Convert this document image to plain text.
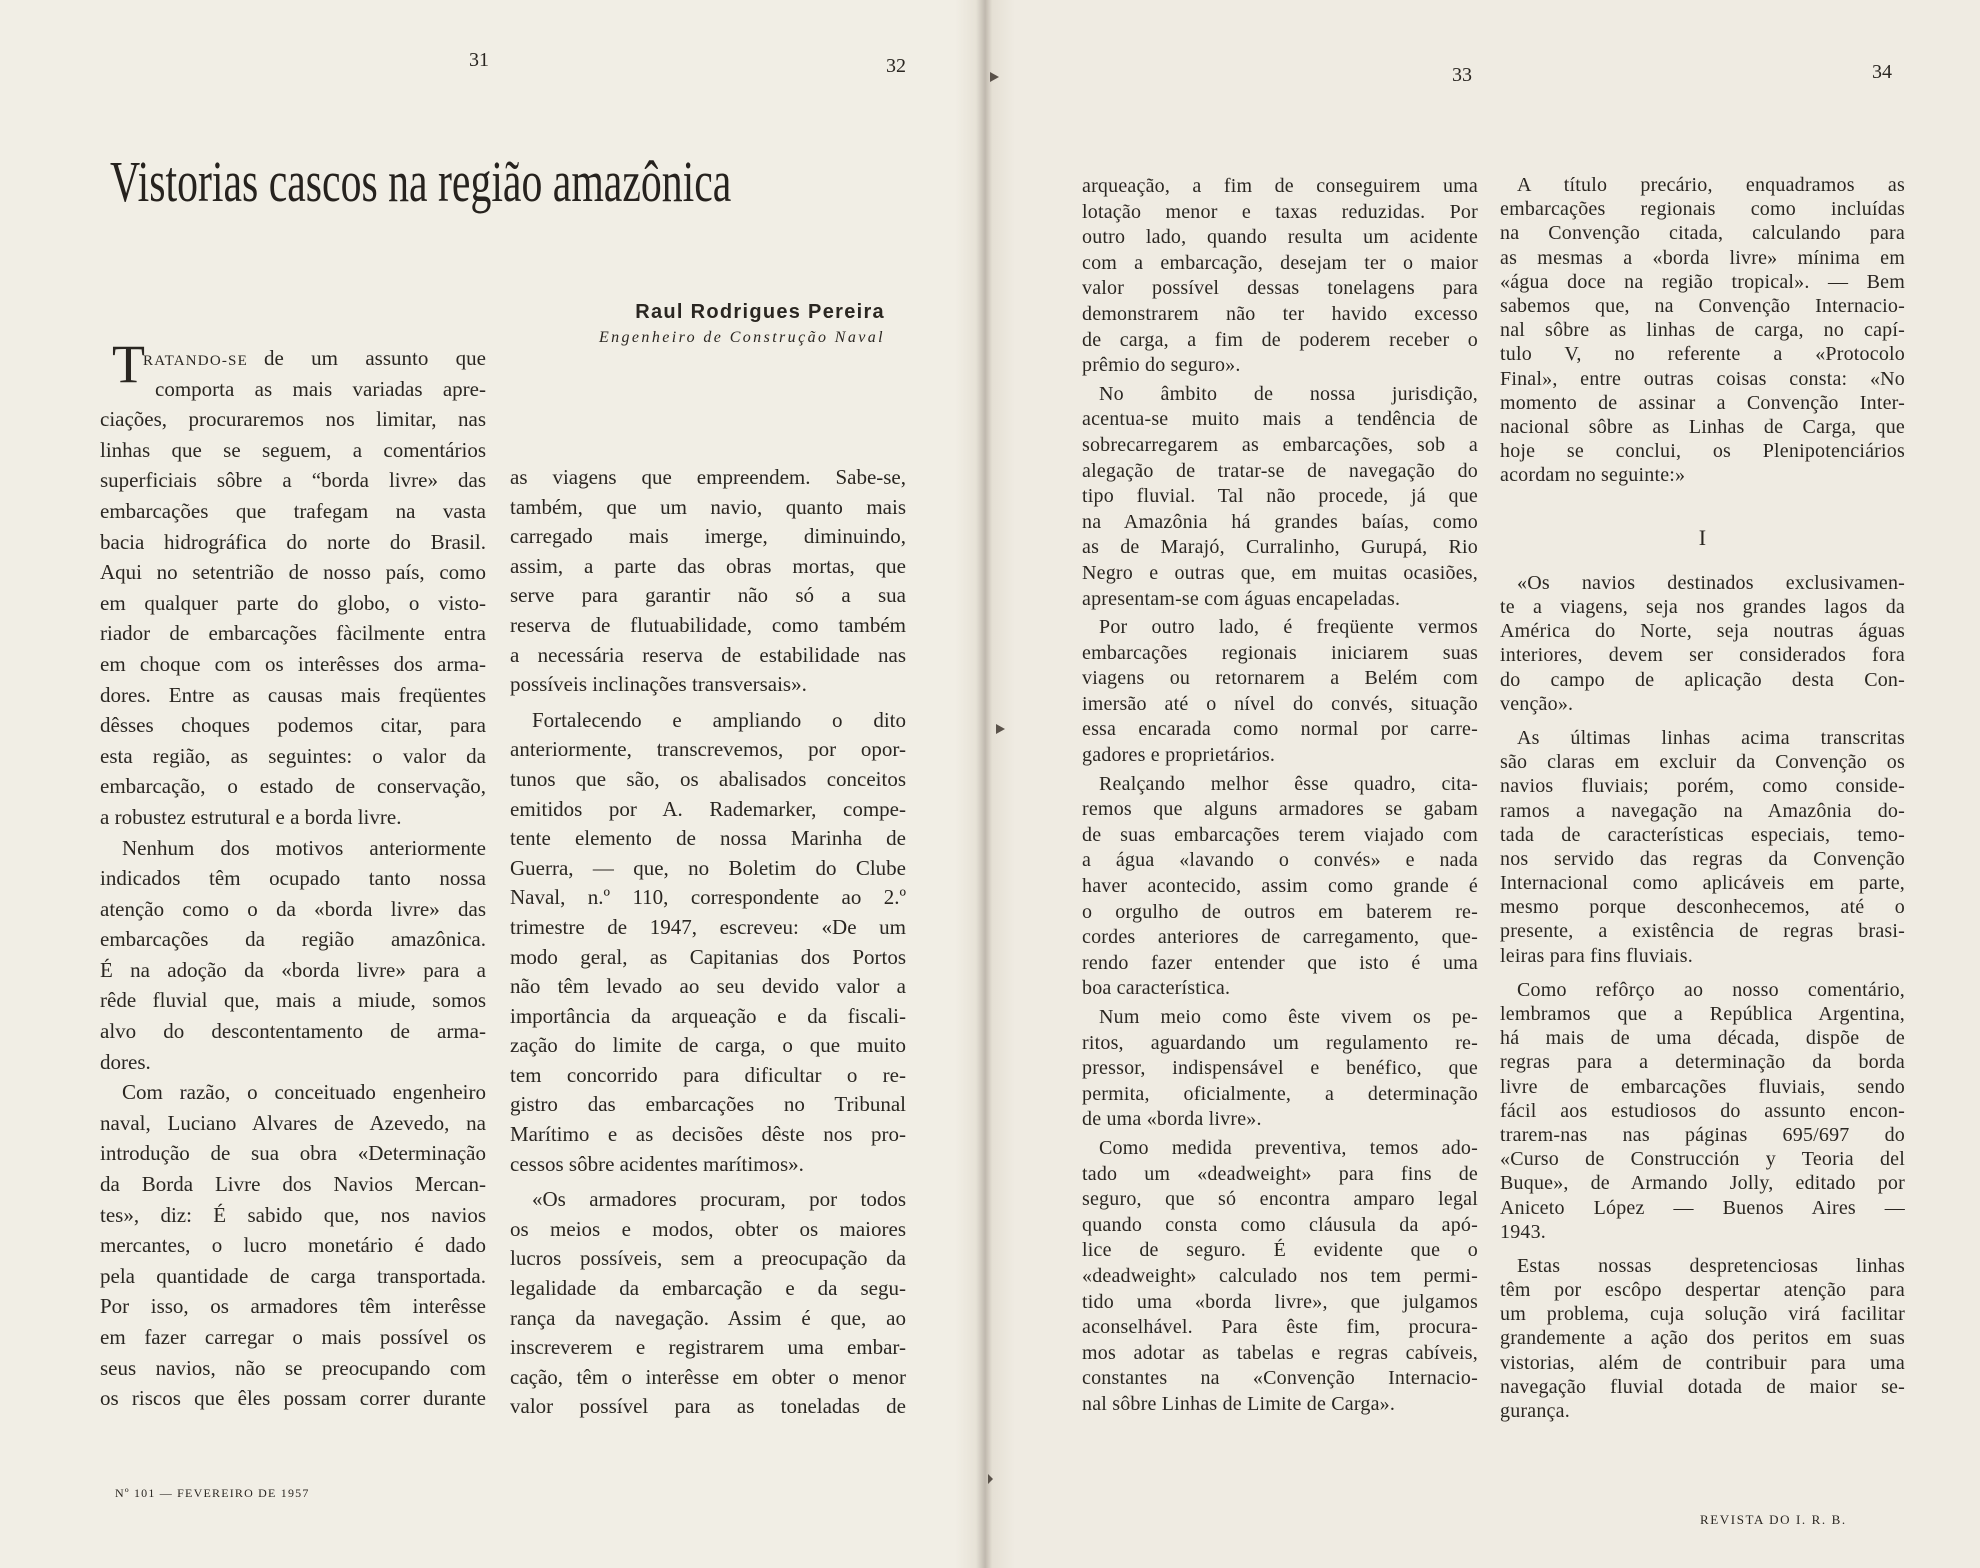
31	32	33	34
Vistorias cascos na região amazônica
Raul Rodrigues Pereira
Engenheiro de Construção Naval
T
RATANDO-SE de um assunto que
comporta as mais variadas apre-
ciações, procuraremos nos limitar, nas
linhas que se seguem, a comentários
superficiais sôbre a “borda livre» das
embarcações que trafegam na vasta
bacia hidrográfica do norte do Brasil.
Aqui no setentrião de nosso país, como
em qualquer parte do globo, o visto-
riador de embarcações fàcilmente entra
em choque com os interêsses dos arma-
dores. Entre as causas mais freqüentes
dêsses choques podemos citar, para
esta região, as seguintes: o valor da
embarcação, o estado de conservação,
a robustez estrutural e a borda livre.
Nenhum dos motivos anteriormente
indicados têm ocupado tanto nossa
atenção como o da «borda livre» das
embarcações da região amazônica.
É na adoção da «borda livre» para a
rêde fluvial que, mais a miude, somos
alvo do descontentamento de arma-
dores.
Com razão, o conceituado engenheiro
naval, Luciano Alvares de Azevedo, na
introdução de sua obra «Determinação
da Borda Livre dos Navios Mercan-
tes», diz: É sabido que, nos navios
mercantes, o lucro monetário é dado
pela quantidade de carga transportada.
Por isso, os armadores têm interêsse
em fazer carregar o mais possível os
seus navios, não se preocupando com
os riscos que êles possam correr durante
as viagens que empreendem. Sabe-se,
também, que um navio, quanto mais
carregado mais imerge, diminuindo,
assim, a parte das obras mortas, que
serve para garantir não só a sua
reserva de flutuabilidade, como também
a necessária reserva de estabilidade nas
possíveis inclinações transversais».
Fortalecendo e ampliando o dito
anteriormente, transcrevemos, por opor-
tunos que são, os abalisados conceitos
emitidos por A. Rademarker, compe-
tente elemento de nossa Marinha de
Guerra, — que, no Boletim do Clube
Naval, n.º 110, correspondente ao 2.º
trimestre de 1947, escreveu: «De um
modo geral, as Capitanias dos Portos
não têm levado ao seu devido valor a
importância da arqueação e da fiscali-
zação do limite de carga, o que muito
tem concorrido para dificultar o re-
gistro das embarcações no Tribunal
Marítimo e as decisões dêste nos pro-
cessos sôbre acidentes marítimos».
«Os armadores procuram, por todos
os meios e modos, obter os maiores
lucros possíveis, sem a preocupação da
legalidade da embarcação e da segu-
rança da navegação. Assim é que, ao
inscreverem e registrarem uma embar-
cação, têm o interêsse em obter o menor
valor possível para as toneladas de
arqueação, a fim de conseguirem uma
lotação menor e taxas reduzidas. Por
outro lado, quando resulta um acidente
com a embarcação, desejam ter o maior
valor possível dessas tonelagens para
demonstrarem não ter havido excesso
de carga, a fim de poderem receber o
prêmio do seguro».
No âmbito de nossa jurisdição,
acentua-se muito mais a tendência de
sobrecarregarem as embarcações, sob a
alegação de tratar-se de navegação do
tipo fluvial. Tal não procede, já que
na Amazônia há grandes baías, como
as de Marajó, Curralinho, Gurupá, Rio
Negro e outras que, em muitas ocasiões,
apresentam-se com águas encapeladas.
Por outro lado, é freqüente vermos
embarcações regionais iniciarem suas
viagens ou retornarem a Belém com
imersão até o nível do convés, situação
essa encarada como normal por carre-
gadores e proprietários.
Realçando melhor êsse quadro, cita-
remos que alguns armadores se gabam
de suas embarcações terem viajado com
a água «lavando o convés» e nada
haver acontecido, assim como grande é
o orgulho de outros em baterem re-
cordes anteriores de carregamento, que-
rendo fazer entender que isto é uma
boa característica.
Num meio como êste vivem os pe-
ritos, aguardando um regulamento re-
pressor, indispensável e benéfico, que
permita, oficialmente, a determinação
de uma «borda livre».
Como medida preventiva, temos ado-
tado um «deadweight» para fins de
seguro, que só encontra amparo legal
quando consta como cláusula da apó-
lice de seguro. É evidente que o
«deadweight» calculado nos tem permi-
tido uma «borda livre», que julgamos
aconselhável. Para êste fim, procura-
mos adotar as tabelas e regras cabíveis,
constantes na «Convenção Internacio-
nal sôbre Linhas de Limite de Carga».
A título precário, enquadramos as
embarcações regionais como incluídas
na Convenção citada, calculando para
as mesmas a «borda livre» mínima em
«água doce na região tropical». — Bem
sabemos que, na Convenção Internacio-
nal sôbre as linhas de carga, no capí-
tulo V, no referente a «Protocolo
Final», entre outras coisas consta: «No
momento de assinar a Convenção Inter-
nacional sôbre as Linhas de Carga, que
hoje se conclui, os Plenipotenciários
acordam no seguinte:»
I
«Os navios destinados exclusivamen-
te a viagens, seja nos grandes lagos da
América do Norte, seja noutras águas
interiores, devem ser considerados fora
do campo de aplicação desta Con-
venção».
As últimas linhas acima transcritas
são claras em excluir da Convenção os
navios fluviais; porém, como conside-
ramos a navegação na Amazônia do-
tada de características especiais, temo-
nos servido das regras da Convenção
Internacional como aplicáveis em parte,
mesmo porque desconhecemos, até o
presente, a existência de regras brasi-
leiras para fins fluviais.
Como refôrço ao nosso comentário,
lembramos que a República Argentina,
há mais de uma década, dispõe de
regras para a determinação da borda
livre de embarcações fluviais, sendo
fácil aos estudiosos do assunto encon-
trarem-nas nas páginas 695/697 do
«Curso de Construcción y Teoria del
Buque», de Armando Jolly, editado por
Aniceto López — Buenos Aires —
1943.
Estas nossas despretenciosas linhas
têm por escôpo despertar atenção para
um problema, cuja solução virá facilitar
grandemente a ação dos peritos em suas
vistorias, além de contribuir para uma
navegação fluvial dotada de maior se-
gurança.
Nº 101 — FEVEREIRO DE 1957
REVISTA DO I. R. B.
